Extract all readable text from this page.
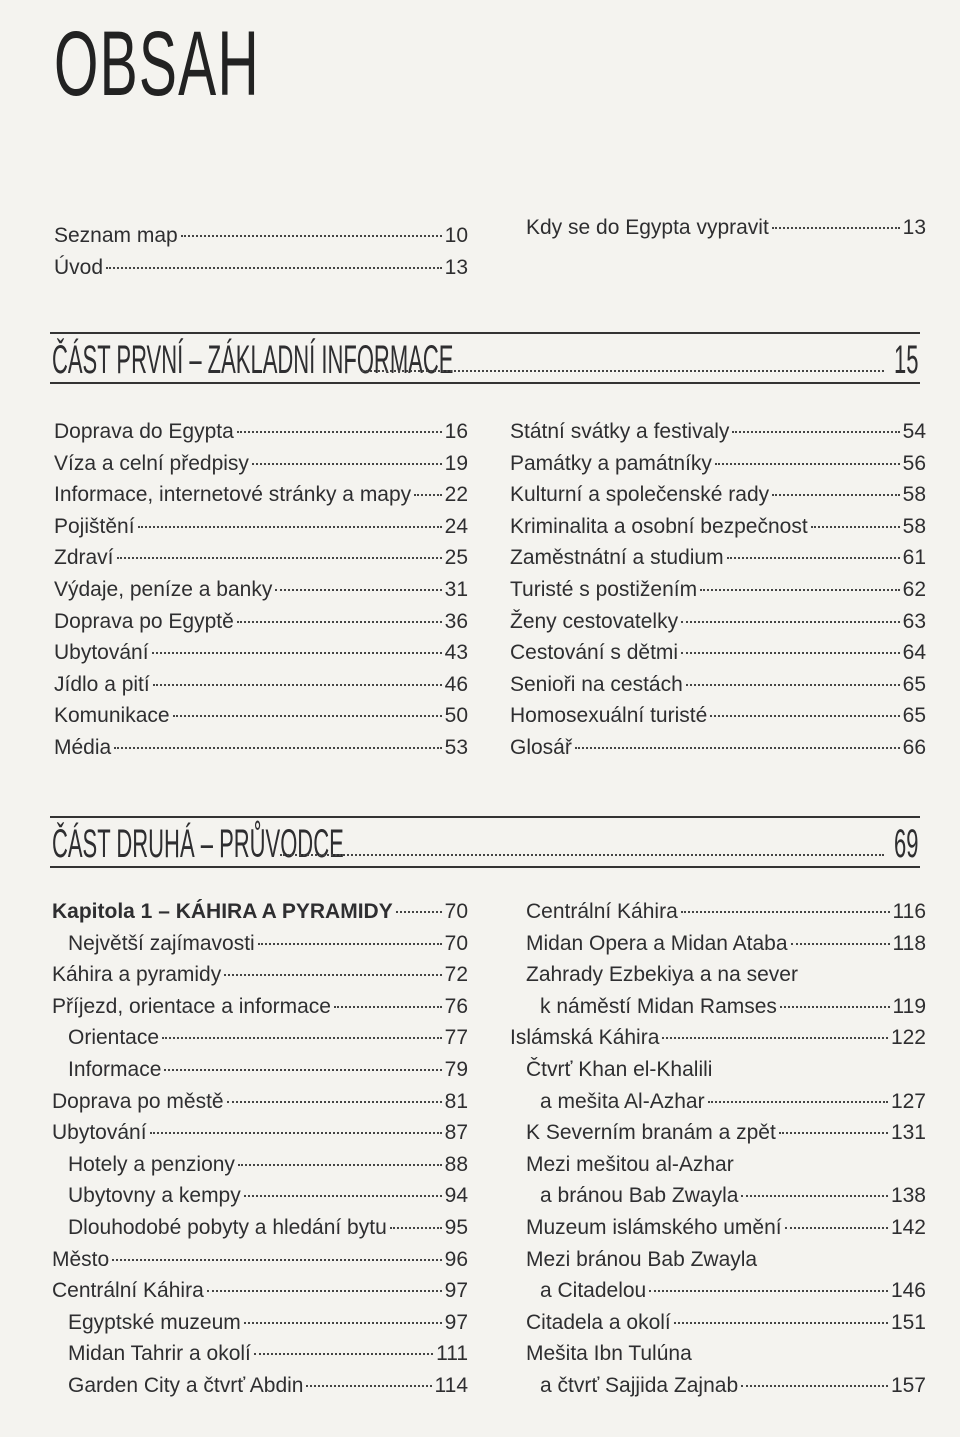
OBSAH
Seznam map	10
Úvod	13
Kdy se do Egypta vypravit	13
ČÁST PRVNÍ – ZÁKLADNÍ INFORMACE	15
Doprava do Egypta	16
Víza a celní předpisy	19
Informace, internetové stránky a mapy 22
Pojištění	24
Zdraví	25
Výdaje, peníze a banky	31
Doprava po Egyptě	36
Ubytování	43
Jídlo a pití	46
Komunikace	50
Média	53
Státní svátky a festivaly	54
Památky a památníky	56
Kulturní a společenské rady	58
Kriminalita a osobní bezpečnost	58
Zaměstnátní a studium	61
Turisté s postižením	62
Ženy cestovatelky	63
Cestování s dětmi	64
Senioři na cestách	65
Homosexuální turisté	65
Glosář	66
ČÁST DRUHÁ – PRŮVODCE	69
Kapitola 1 – KÁHIRA A PYRAMIDY 70
Největší zajímavosti	70
Káhira a pyramidy	72
Příjezd, orientace a informace	76
Orientace	77
Informace	79
Doprava po městě	81
Ubytování	87
Hotely a penziony	88
Ubytovny a kempy	94
Dlouhodobé pobyty a hledání bytu	95
Město	96
Centrální Káhira	97
Egyptské muzeum	97
Midan Tahrir a okolí	111
Garden City a čtvrť Abdin	114
Centrální Káhira	116
Midan Opera a Midan Ataba	118
Zahrady Ezbekiya a na sever
k náměstí Midan Ramses	119
Islámská Káhira	122
Čtvrť Khan el-Khalili
a mešita Al-Azhar	127
K Severním branám a zpět	131
Mezi mešitou al-Azhar
a bránou Bab Zwayla	138
Muzeum islámského umění	142
Mezi bránou Bab Zwayla
a Citadelou	146
Citadela a okolí	151
Mešita Ibn Tulúna
a čtvrť Sajjida Zajnab	157
